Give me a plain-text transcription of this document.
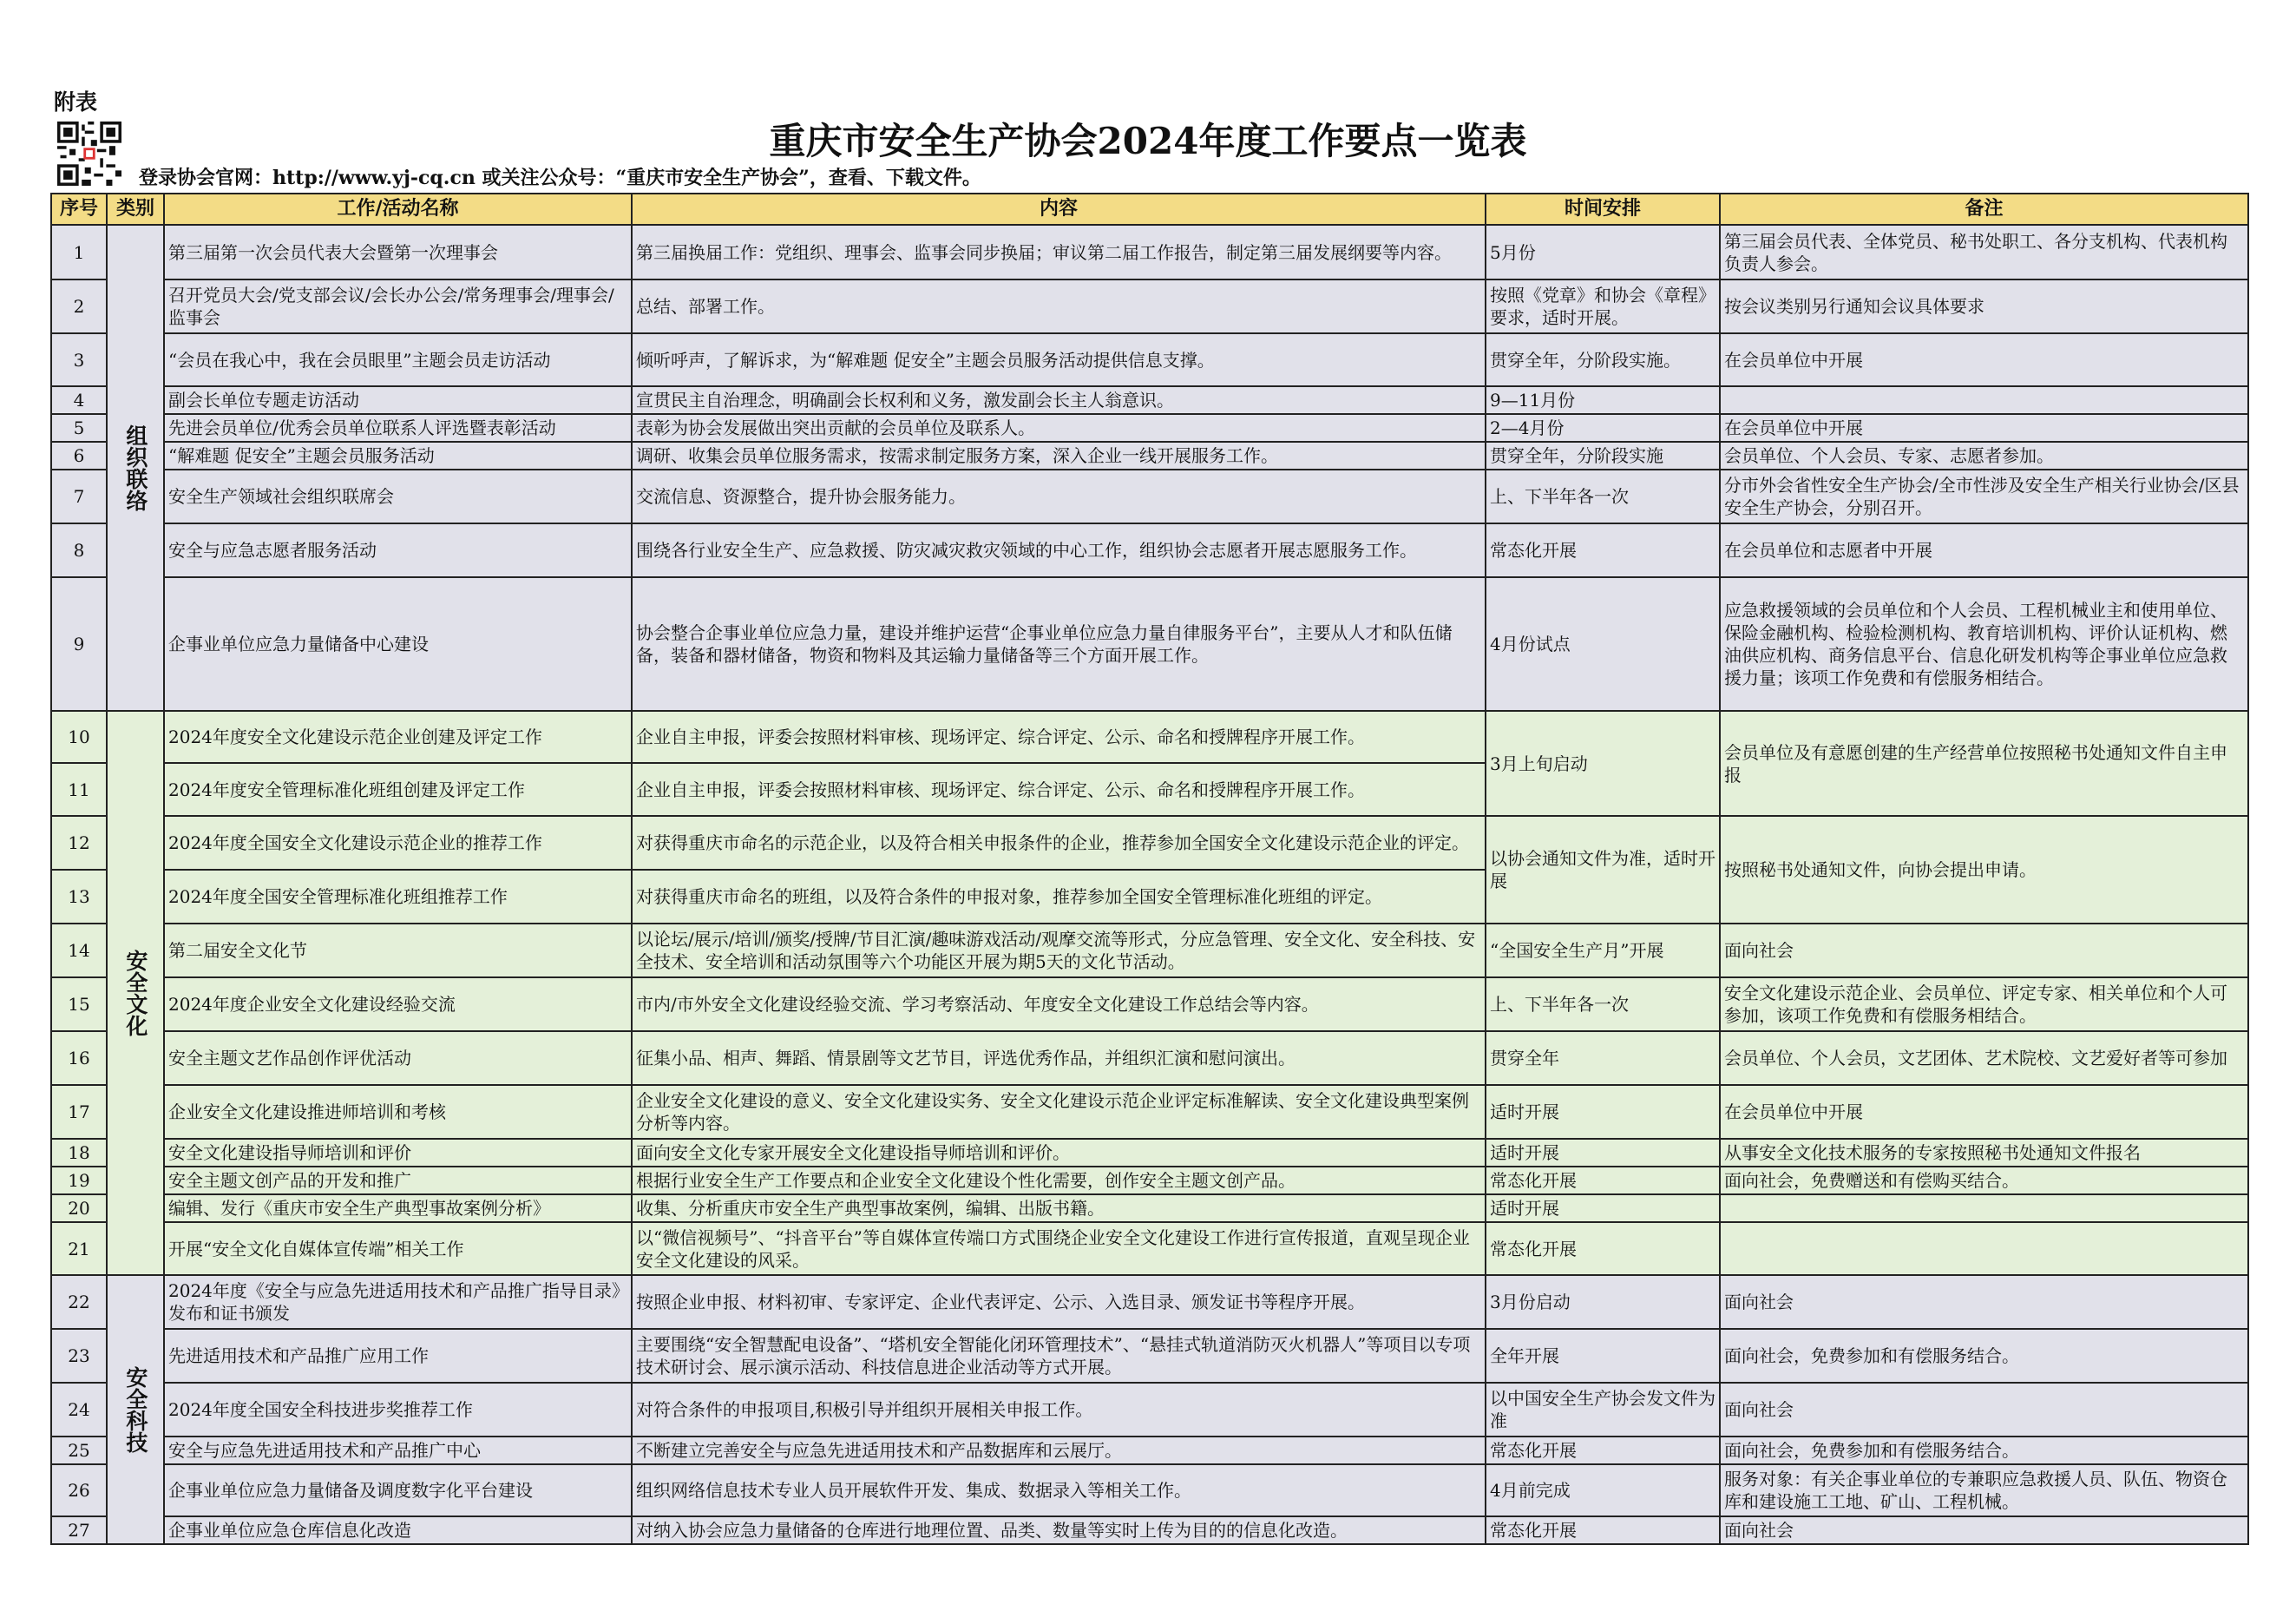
附表
重庆市安全生产协会2024年度工作要点一览表
登录协会官网：http://www.yj-cq.cn 或关注公众号：“重庆市安全生产协会”，查看、下载文件。
序号	类别	工作/活动名称	内容	时间安排	备注
1	组织联络	第三届第一次会员代表大会暨第一次理事会	第三届换届工作：党组织、理事会、监事会同步换届；审议第二届工作报告，制定第三届发展纲要等内容。	5月份	第三届会员代表、全体党员、秘书处职工、各分支机构、代表机构负责人参会。
2		召开党员大会/党支部会议/会长办公会/常务理事会/理事会/监事会	总结、部署工作。	按照《党章》和协会《章程》要求，适时开展。	按会议类别另行通知会议具体要求
3		“会员在我心中，我在会员眼里”主题会员走访活动	倾听呼声，了解诉求，为“解难题 促安全”主题会员服务活动提供信息支撑。	贯穿全年，分阶段实施。	在会员单位中开展
4		副会长单位专题走访活动	宣贯民主自治理念，明确副会长权利和义务，激发副会长主人翁意识。	9—11月份	
5		先进会员单位/优秀会员单位联系人评选暨表彰活动	表彰为协会发展做出突出贡献的会员单位及联系人。	2—4月份	在会员单位中开展
6		“解难题 促安全”主题会员服务活动	调研、收集会员单位服务需求，按需求制定服务方案，深入企业一线开展服务工作。	贯穿全年，分阶段实施	会员单位、个人会员、专家、志愿者参加。
7		安全生产领域社会组织联席会	交流信息、资源整合，提升协会服务能力。	上、下半年各一次	分市外会省性安全生产协会/全市性涉及安全生产相关行业协会/区县安全生产协会，分别召开。
8		安全与应急志愿者服务活动	围绕各行业安全生产、应急救援、防灾减灾救灾领域的中心工作，组织协会志愿者开展志愿服务工作。	常态化开展	在会员单位和志愿者中开展
9		企事业单位应急力量储备中心建设	协会整合企事业单位应急力量，建设并维护运营“企事业单位应急力量自律服务平台”，主要从人才和队伍储备，装备和器材储备，物资和物料及其运输力量储备等三个方面开展工作。	4月份试点	应急救援领域的会员单位和个人会员、工程机械业主和使用单位、保险金融机构、检验检测机构、教育培训机构、评价认证机构、燃油供应机构、商务信息平台、信息化研发机构等企事业单位应急救援力量；该项工作免费和有偿服务相结合。
10	安全文化	2024年度安全文化建设示范企业创建及评定工作	企业自主申报，评委会按照材料审核、现场评定、综合评定、公示、命名和授牌程序开展工作。	3月上旬启动	会员单位及有意愿创建的生产经营单位按照秘书处通知文件自主申报
11		2024年度安全管理标准化班组创建及评定工作	企业自主申报，评委会按照材料审核、现场评定、综合评定、公示、命名和授牌程序开展工作。		
12		2024年度全国安全文化建设示范企业的推荐工作	对获得重庆市命名的示范企业，以及符合相关申报条件的企业，推荐参加全国安全文化建设示范企业的评定。	以协会通知文件为准，适时开展	按照秘书处通知文件，向协会提出申请。
13		2024年度全国安全管理标准化班组推荐工作	对获得重庆市命名的班组，以及符合条件的申报对象，推荐参加全国安全管理标准化班组的评定。		
14		第二届安全文化节	以论坛/展示/培训/颁奖/授牌/节目汇演/趣味游戏活动/观摩交流等形式，分应急管理、安全文化、安全科技、安全技术、安全培训和活动氛围等六个功能区开展为期5天的文化节活动。	“全国安全生产月”开展	面向社会
15		2024年度企业安全文化建设经验交流	市内/市外安全文化建设经验交流、学习考察活动、年度安全文化建设工作总结会等内容。	上、下半年各一次	安全文化建设示范企业、会员单位、评定专家、相关单位和个人可参加，该项工作免费和有偿服务相结合。
16		安全主题文艺作品创作评优活动	征集小品、相声、舞蹈、情景剧等文艺节目，评选优秀作品，并组织汇演和慰问演出。	贯穿全年	会员单位、个人会员，文艺团体、艺术院校、文艺爱好者等可参加
17		企业安全文化建设推进师培训和考核	企业安全文化建设的意义、安全文化建设实务、安全文化建设示范企业评定标准解读、安全文化建设典型案例分析等内容。	适时开展	在会员单位中开展
18		安全文化建设指导师培训和评价	面向安全文化专家开展安全文化建设指导师培训和评价。	适时开展	从事安全文化技术服务的专家按照秘书处通知文件报名
19		安全主题文创产品的开发和推广	根据行业安全生产工作要点和企业安全文化建设个性化需要，创作安全主题文创产品。	常态化开展	面向社会，免费赠送和有偿购买结合。
20		编辑、发行《重庆市安全生产典型事故案例分析》	收集、分析重庆市安全生产典型事故案例，编辑、出版书籍。	适时开展	
21		开展“安全文化自媒体宣传端”相关工作	以“微信视频号”、“抖音平台”等自媒体宣传端口方式围绕企业安全文化建设工作进行宣传报道，直观呈现企业安全文化建设的风采。	常态化开展	
22	安全科技	2024年度《安全与应急先进适用技术和产品推广指导目录》发布和证书颁发	按照企业申报、材料初审、专家评定、企业代表评定、公示、入选目录、颁发证书等程序开展。	3月份启动	面向社会
23		先进适用技术和产品推广应用工作	主要围绕“安全智慧配电设备”、“塔机安全智能化闭环管理技术”、“悬挂式轨道消防灭火机器人”等项目以专项技术研讨会、展示演示活动、科技信息进企业活动等方式开展。	全年开展	面向社会，免费参加和有偿服务结合。
24		2024年度全国安全科技进步奖推荐工作	对符合条件的申报项目,积极引导并组织开展相关申报工作。	以中国安全生产协会发文件为准	面向社会
25		安全与应急先进适用技术和产品推广中心	不断建立完善安全与应急先进适用技术和产品数据库和云展厅。	常态化开展	面向社会，免费参加和有偿服务结合。
26		企事业单位应急力量储备及调度数字化平台建设	组织网络信息技术专业人员开展软件开发、集成、数据录入等相关工作。	4月前完成	服务对象：有关企事业单位的专兼职应急救援人员、队伍、物资仓库和建设施工工地、矿山、工程机械。
27		企事业单位应急仓库信息化改造	对纳入协会应急力量储备的仓库进行地理位置、品类、数量等实时上传为目的的信息化改造。	常态化开展	面向社会
